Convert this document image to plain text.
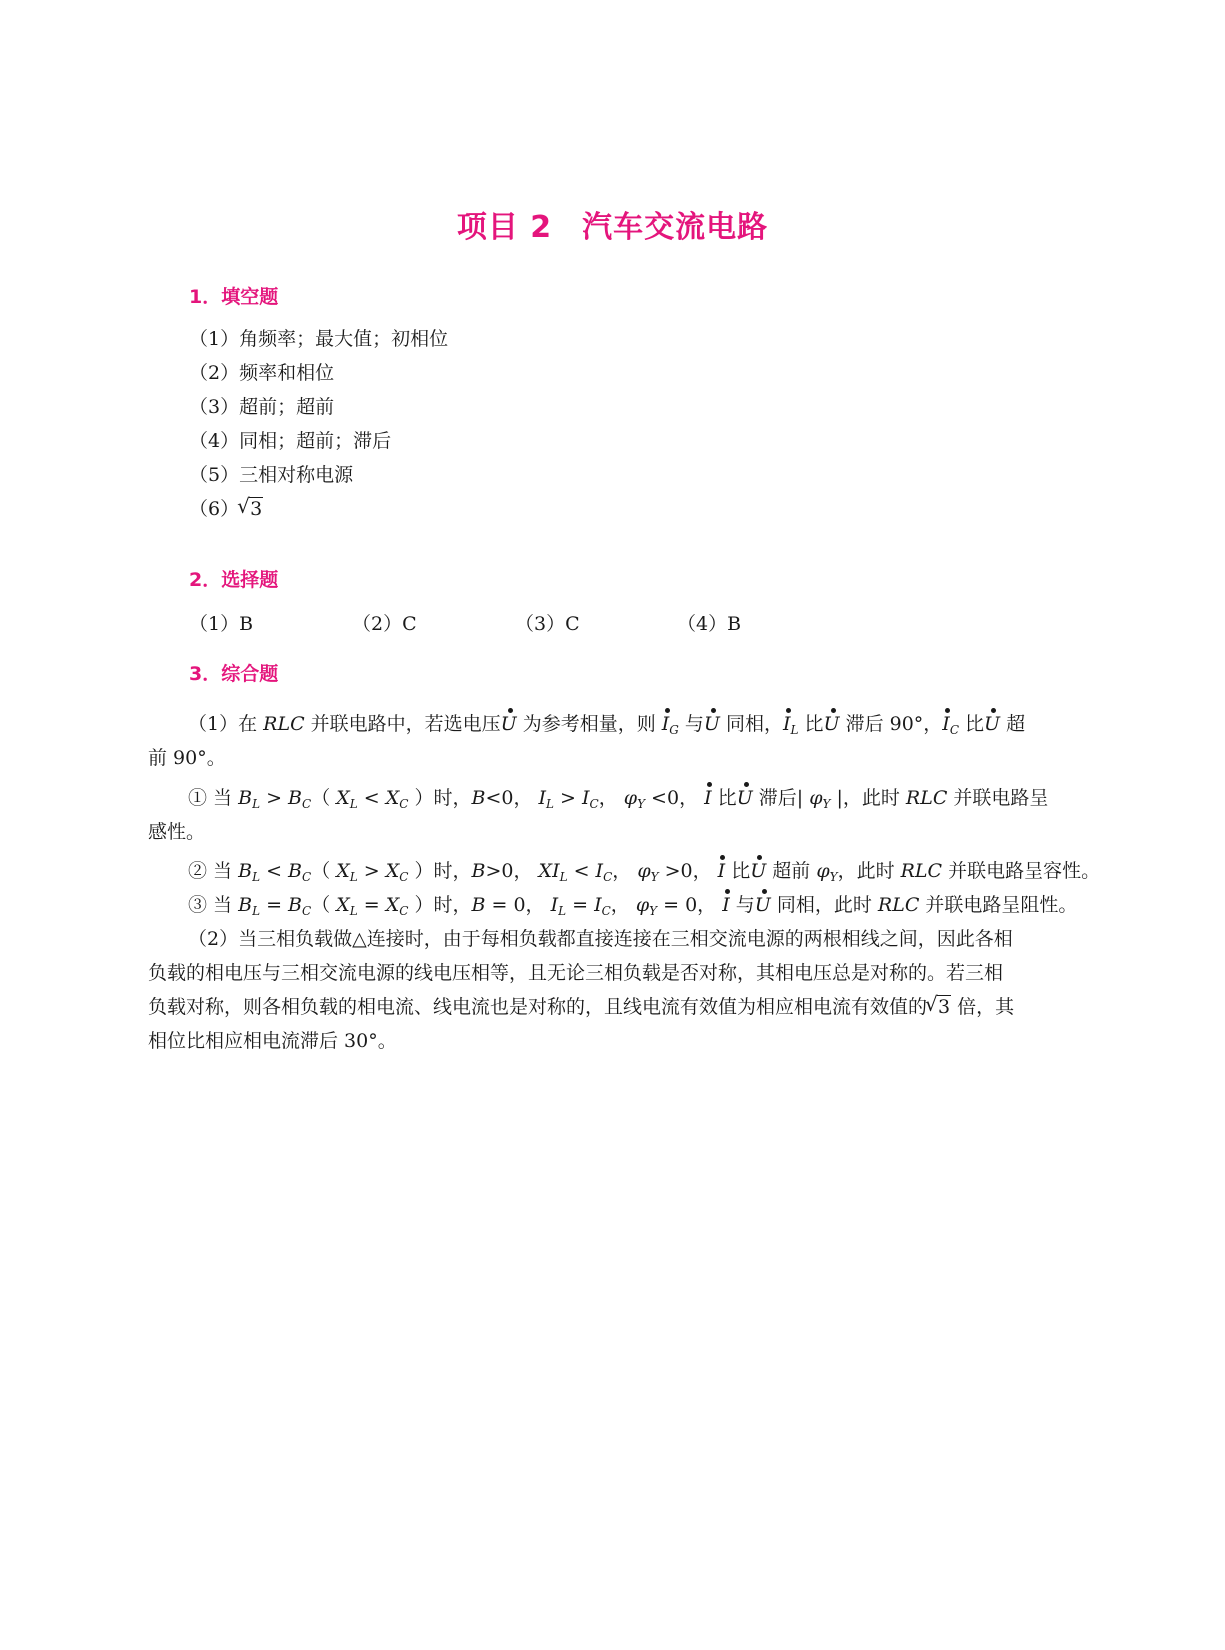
项目 2 汽车交流电路
1．填空题
（1）角频率；最大值；初相位
（2）频率和相位
（3）超前；超前
（4）同相；超前；滞后
（5）三相对称电源
（6） √ 3
2．选择题
（1）B	（2）C	（3）C	（4）B
3．综合题
（1）在 RLC 并联电路中，若选电压U 为参考相量，则 $I_G$ 与U 同相，$I_L$ 比U 滞后 90°，$I_C$ 比U 超
前 90°。
① 当 $B_L > B_C$（ $X_L < X_C$ ）时，B<0， $I_L > I_C$， $\varphi_Y <0$， I 比U 滞后| $\varphi_Y$ |，此时 RLC 并联电路呈
感性。
② 当 $B_L < B_C$（ $X_L > X_C$ ）时，B>0， $XI_L < I_C$， $\varphi_Y >0$， I 比U 超前 $\varphi_Y$，此时 RLC 并联电路呈容性。
③ 当 $B_L = B_C$（ $X_L = X_C$ ）时，B = 0， $I_L = I_C$， $\varphi_Y = 0$， I 与U 同相，此时 RLC 并联电路呈阻性。
（2）当三相负载做△连接时，由于每相负载都直接连接在三相交流电源的两根相线之间，因此各相
负载的相电压与三相交流电源的线电压相等，且无论三相负载是否对称，其相电压总是对称的。若三相
负载对称，则各相负载的相电流、线电流也是对称的，且线电流有效值为相应相电流有效值的 √ 3 倍，其
相位比相应相电流滞后 30°。
